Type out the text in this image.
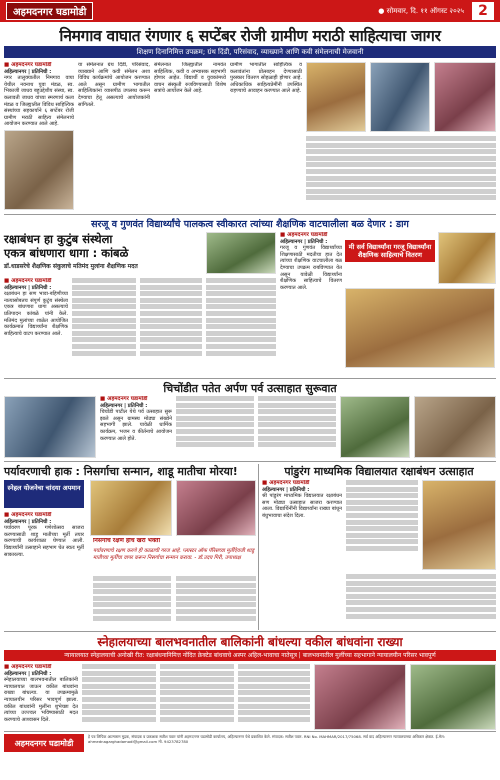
अहमदनगर घडामोडी	● सोमवार, दि. ११ ऑगस्ट २०२५	2
निमगाव वाघात रंगणार ६ सप्टेंबर रोजी ग्रामीण मराठी साहित्याचा जागर
शिक्षण दिनानिमित्त उपक्रम; ग्रंथ दिंडी, परिसंवाद, व्याख्याने आणि कवी संमेलनाची मेजवानी
■ अहमदनगर घडामोडी
अहिल्यानगर | प्रतिनिधी :
नगर तालुक्यातील निमगाव वाघा येथील नवनाथ युवा मंडळ, स्व. भिकाजी जाधव बहुउद्देशीय संस्था, स्व. कलावती जाधव यांच्या स्मरणार्थ कला मंडळ व जिल्ह्यातील विविध साहित्यिक संस्थांच्या सहकार्याने ६ सप्टेंबर रोजी ग्रामीण मराठी साहित्य संमेलनाचे आयोजन करण्यात आले आहे.
या संमेलनात ग्रंथ दिंडी, परिसंवाद, व्याख्याने आणि कवी संमेलन अशा विविध कार्यक्रमांचे आयोजन करण्यात आले असून ग्रामीण भागातील साहित्यिकांना व्यासपीठ उपलब्ध करून देण्याचा हेतू असल्याचे आयोजकांनी सांगितले.
संमेलनात जिल्ह्यातील नामवंत साहित्यिक, कवी व अभ्यासक सहभागी होणार आहेत. विद्यार्थी व युवकांमध्ये वाचन संस्कृती रुजविण्यासाठी विशेष सत्रांचे आयोजन केले आहे.
ग्रामीण भागातील साहित्यिक व कलावंतांना प्रोत्साहन देण्यासाठी पुरस्कार वितरण सोहळाही होणार आहे. अधिकाधिक साहित्यप्रेमींनी उपस्थित राहण्याचे आवाहन करण्यात आले आहे.
सरजू व गुणवंत विद्यार्थ्यांचे पालकत्व स्वीकारत त्यांच्या शैक्षणिक वाटचालीला बळ देणार : डाग
■ अहमदनगर घडामोडी
अहिल्यानगर | प्रतिनिधी :
गरजू व गुणवंत विद्यार्थ्यांच्या शिक्षणासाठी मदतीचा हात देत त्यांच्या शैक्षणिक वाटचालीला बळ देण्याचा उपक्रम राबविण्यात येत असून यावेळी विद्यार्थ्यांना शैक्षणिक साहित्याचे वितरण करण्यात आले.
मी सर्व विद्यार्थ्यांना गरजू विद्यार्थ्यांना शैक्षणिक साहित्याचे वितरण
रक्षाबंधन हा कुटुंब संस्थेला
एकत्र बांधणारा धागा : कांबळे
डॉ.धाडसरेचे शैक्षणिक संकुलाचे मतिमंद मुलांना शैक्षणिक मदत
■ अहमदनगर घडामोडी
अहिल्यानगर | प्रतिनिधी :
रक्षाबंधन हा सण भावा-बहिणीच्या नात्यासोबतच संपूर्ण कुटुंब संस्थेला एकत्र बांधणारा धागा असल्याचे प्रतिपादन कांबळे यांनी केले. मतिमंद मुलांच्या शाळेत आयोजित कार्यक्रमात विद्यार्थ्यांना शैक्षणिक साहित्याचे वाटप करण्यात आले.
चिचोंडीत पतेत अर्पण पर्व उत्साहात सुरूवात
■ अहमदनगर घडामोडी
अहिल्यानगर | प्रतिनिधी :
चिचोंडी पाटील येथे पर्व उत्साहात सुरू झाले असून ग्रामस्थ मोठ्या संख्येने सहभागी झाले. यावेळी धार्मिक कार्यक्रम, भजन व कीर्तनाचे आयोजन करण्यात आले होते.
पर्यावरणाची हाक : निसर्गाचा सन्मान, शाडू मातीचा मोरया!
स्नेहल योजनेचा चांदया अपमान
■ अहमदनगर घडामोडी
अहिल्यानगर | प्रतिनिधी :
पर्यावरण पूरक गणेशोत्सव साजरा करण्यासाठी शाडू मातीच्या मूर्ती तयार करण्याची कार्यशाळा घेण्यात आली. विद्यार्थ्यांनी उत्साहाने सहभाग घेत स्वतः मूर्ती साकारल्या.
निसर्गाचे रक्षण हीच खरी भक्ती
पर्यावरणाचे रक्षण करणे ही काळाची गरज आहे. प्लास्टर ऑफ पॅरिसच्या मूर्तींऐवजी शाडू मातीच्या मूर्तींचा वापर करून निसर्गाचा सन्मान करावा. - डॉ.उदय गिरी, उपाध्यक्ष
पांडुरंग माध्यमिक विद्यालयात रक्षाबंधन उत्साहात
■ अहमदनगर घडामोडी
अहिल्यानगर | प्रतिनिधी :
श्री पांडुरंग माध्यमिक विद्यालयात रक्षाबंधन सण मोठ्या उत्साहात साजरा करण्यात आला. विद्यार्थिनींनी विद्यार्थ्यांना राख्या बांधून बंधुभावाचा संदेश दिला.
स्नेहालयाच्या बालभवनातील बालिकांनी बांधल्या वकील बांधवांना राख्या
न्यायालयात स्नेहालयाची अनोखी रीत: रक्षाबंधनानिमित्त नोंदित क्रेक्टेड बांधवाचे अस्पर अहिल-भावाचा नातेसूत्र | बालभवनातील मुलींच्या सहभागाने न्यायालयीन परिसर भावपूर्ण
■ अहमदनगर घडामोडी
अहिल्यानगर | प्रतिनिधी :
स्नेहालयाच्या बालभवनातील बालिकांनी न्यायालयात जाऊन वकील बांधवांना राख्या बांधल्या. या उपक्रमामुळे न्यायालयीन परिसर भावपूर्ण झाला. वकील बांधवांनी मुलींना शुभेच्छा देत त्यांच्या उज्ज्वल भविष्यासाठी मदत करण्याचे आश्वासन दिले.
अहमदनगर घडामोडी
हे पत्र लिपिक आत्माराम मुद्रक, संपादक व प्रकाशक सतीश पवार यांनी अहमदनगर घडामोडी कार्यालय, अहिल्यानगर येथे प्रकाशित केले. संपादक: सतीश पवार. RNI No. MAHMAR/2017/75068. सर्व वाद अहिल्यानगर न्यायालयाच्या अधिकार क्षेत्रात. ई-मेल: ahmednagarghadamodi@gmail.com मो. 9423782780
